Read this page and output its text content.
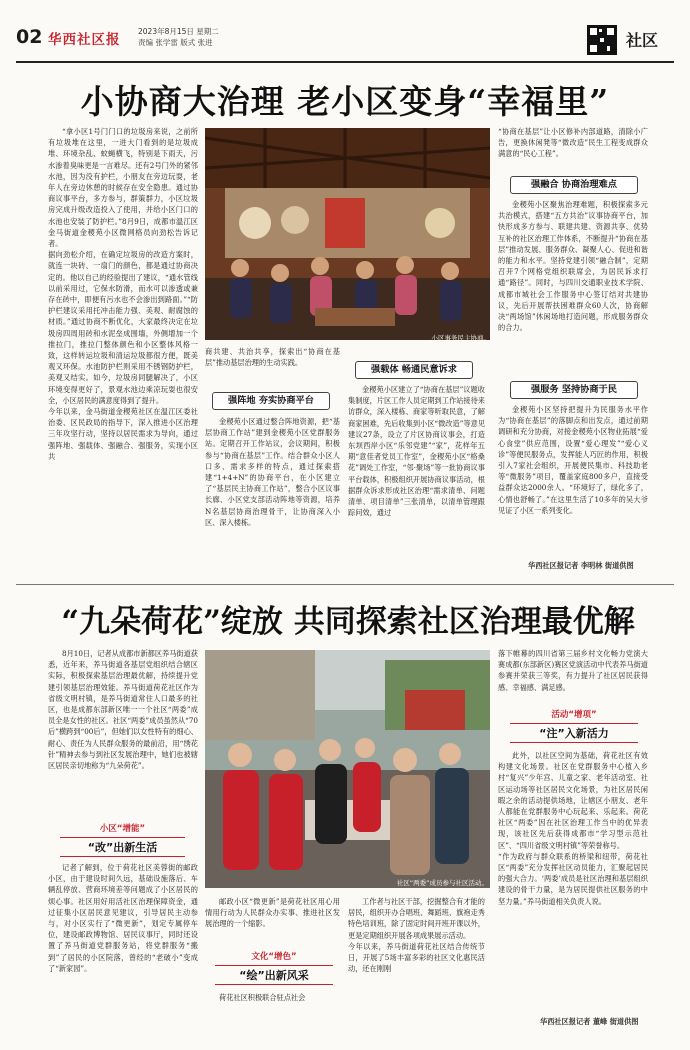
02 华西社区报
2023年8月15日 星期二
责编 张学雷 版式 张进	社区
小协商大治理 老小区变身“幸福里”
“拿小区1号门门口的垃圾房来说，之前所有垃圾堆在这里，一进大门看到的是垃圾成堆、环境杂乱、蚊蝇横飞，特别是下雨天，污水渗着臭味更是一言难尽。还有2号门外的紧邻水池，因为没有护栏，小朋友在旁边玩耍，老年人在旁边休憩的时候存在安全隐患。通过协商议事平台，多方参与，群策群力，小区垃圾房完成升级改造投入了使用，并给小区门口的水池也安装了防护栏。”8月9日，成都市温江区金马街道金稷苑小区微网格员向劲松告诉记者。
据向劲松介绍，在确定垃圾房的改造方案时，就连一块砖、一扇门的颜色，都是通过协商决定的。他以自己的经验提出了建议，“通水管线以前采用过，它保水防滑，而水可以渗透或兼存在砖中，即便有污水也不会渗出到路面。”“防护栏建议采用托冲击能力强、美观、耐腐蚀的材质。”通过协商不断优化，大家最终决定在垃圾房四周用砖和水泥垒成围墙，外侧增加一个推拉门，推拉门整体颜色和小区整体风格一致，这样转运垃圾和清运垃圾都很方便，既美观又环保。水池防护栏则采用不锈钢防护栏，美观又结实。如今，垃圾房同腿解决了，小区环境变得更好了，景观水池边乘凉玩耍也很安全，小区居民的满意度得到了提升。
今年以来，金马街道金稷苑社区在温江区委社治委、区民政局的指导下，深入推进小区治理三年攻坚行动，坚持以居民需求为导向，通过强阵地、强载体、强融合、强服务，实现小区共
小区事务民主协商。
商共建、共治共享，探索出“协商在基层”推动基层治理的生动实践。
强阵地 夯实协商平台
金稷苑小区通过整合阵地资源，把“基层协商工作站”建到金稷苑小区党群服务站。定期召开工作站议，会议期间，积极参与“协商在基层”工作。结合群众小区人口多、需求多样的特点，通过探索搭建“1+4+N”的协商平台，在小区建立了“基层民主协商工作站”，整合小区议事长廊、小区党支部活动阵地等资源，培养N名基层协商治理骨干，让协商深入小区、深入楼栋。
强载体 畅通民意诉求
金稷苑小区建立了“协商在基层”议题收集制度，片区工作人员定期到工作站接待来访群众，深入楼栋、商家等听取民意，了解商家困难，先后收集到小区“微改造”等意见建议27条，设立了片区协商议事会，打造东坝西岸小区“乐邻党建”“家”，花样年五期“意佳者党员工作室”，金稷苑小区“格桑花”调处工作室，“邻·聚场”等一批协商议事平台载体，积极组织开展协商议事活动，根据群众诉求形成社区治理“需求清单、问题清单、项目清单”三张清单，以清单管理跟踪问效，通过
“协商在基层”让小区修补内部道路，清除小广告，更换休闲凳等“微改造”民生工程变成群众满意的“民心工程”。
强融合 协商治理难点
金稷苑小区聚焦治理难题，积极探索多元共治模式，搭建“五方共治”议事协商平台，加快形成多方参与、联建共建、资源共享、优势互补的社区治理工作体系，不断提升“协商在基层”推动发展、服务群众、凝聚人心、促进和谐的能力和水平。坚持党建引领“融合制”，定期召开7个网格党组织联席会，为居民诉求打通“路径”。同时，与四川交通职业技术学院、成都市城社会工作服务中心签订结对共建协议，先后开展帮扶困难群众60人次，协商解决“两场馆”休闲场地打造问题，形成服务群众的合力。
强服务 坚持协商于民
金稷苑小区坚持把提升为民服务水平作为“协商在基层”的落脚点和出发点，通过前期调研和充分协商，对接金稷苑小区物业拓展“爱心食堂”供应范围，设置“爱心理发”“爱心义诊”等便民服务点，发挥能人巧匠的作用，积极引入7家社会组织，开展便民集市、科技助老等“微服务”项目，覆盖家庭800多户，直接受益群众达2000余人。“环境好了，绿化多了，心情也舒畅了。”在这里生活了10多年的吴大爷见证了小区一系列变化。
华西社区报记者 李明林 街道供图
“九朵荷花”绽放 共同探索社区治理最优解
8月10日，记者从成都市新都区养马街道获悉，近年来，养马街道各基层党组织结合辖区实际，积极探索基层治理最优解，持续提升党建引领基层治理效能。养马街道荷花社区作为省级文明村镇，是养马街道常住人口最多的社区，也是成都东部新区唯一一个社区“两委”成员全是女性的社区。社区“两委”成员虽然从“70后”横跨到“00后”，但她们以女性特有的细心、耐心、责任为人民群众服务的最前沿，用“绣花针”精神去参与到社区发展治理中，她们也被辖区居民亲切地称为“九朵荷花”。
小区“增能”
“改”出新生活
记者了解到，位于荷花社区美蓉街的邮政小区，由于建设时间久远，基础设施落后、车辆乱停放、营商环境差等问题成了小区居民的烦心事。社区用好用活社区治理保障资金，通过征集小区居民意见建议，引导居民主动参与，对小区实行了“微更新”，划定专属停车位，建设邮政博物馆、居民议事厅，同时还设置了养马街道党群服务站，将党群服务“搬到”了居民的小区院落，曾经的“老破小”变成了“新家园”。
社区“两委”成员参与社区活动。
邮政小区“微更新”是荷花社区用心用情用行动为人民群众办实事、推进社区发展治理的一个缩影。
文化“增色”
“绘”出新风采
荷花社区积极联合驻点社会
工作者与社区干部，挖掘整合有才能的居民，组织开办合唱班、舞蹈班、旗袍走秀特色培训班，除了固定时间开班开课以外，更是定期组织开展各项成果展示活动。
今年以来，养马街道荷花社区结合传统节日，开展了5场丰富多彩的社区文化惠民活动，还在刚刚
落下帷幕的四川省第三届乡村文化畅力党演大赛成都(东部新区)赛区党演活动中代表养马街道参赛并荣获三等奖，有力提升了社区居民获得感、幸福感、满足感。
活动“增项”
“注”入新活力
此外，以社区空间为基础，荷花社区有效构建文化场景。社区在党群服务中心植入乡村“复兴”少年宫、儿童之家、老年活动室、社区运动场等社区居民文化场景，为社区居民闲暇之余的活动提供场地，让辖区小朋友、老年人都能在党群服务中心玩起来、乐起来。荷花社区“两委”因在社区治理工作当中的优异表现，该社区先后获得成都市“学习型示范社区”、“四川省级文明村镇”等荣誉称号。
“作为政府与群众联系的桥梁和纽带，荷花社区“两委”充分发挥社区动员能力，汇聚起居民的强大合力。‘两委’成员是社区治理和基层组织建设的骨干力量，是为居民提供社区服务的中坚力量。”养马街道相关负责人说。
华西社区报记者 董峰 街道供图
